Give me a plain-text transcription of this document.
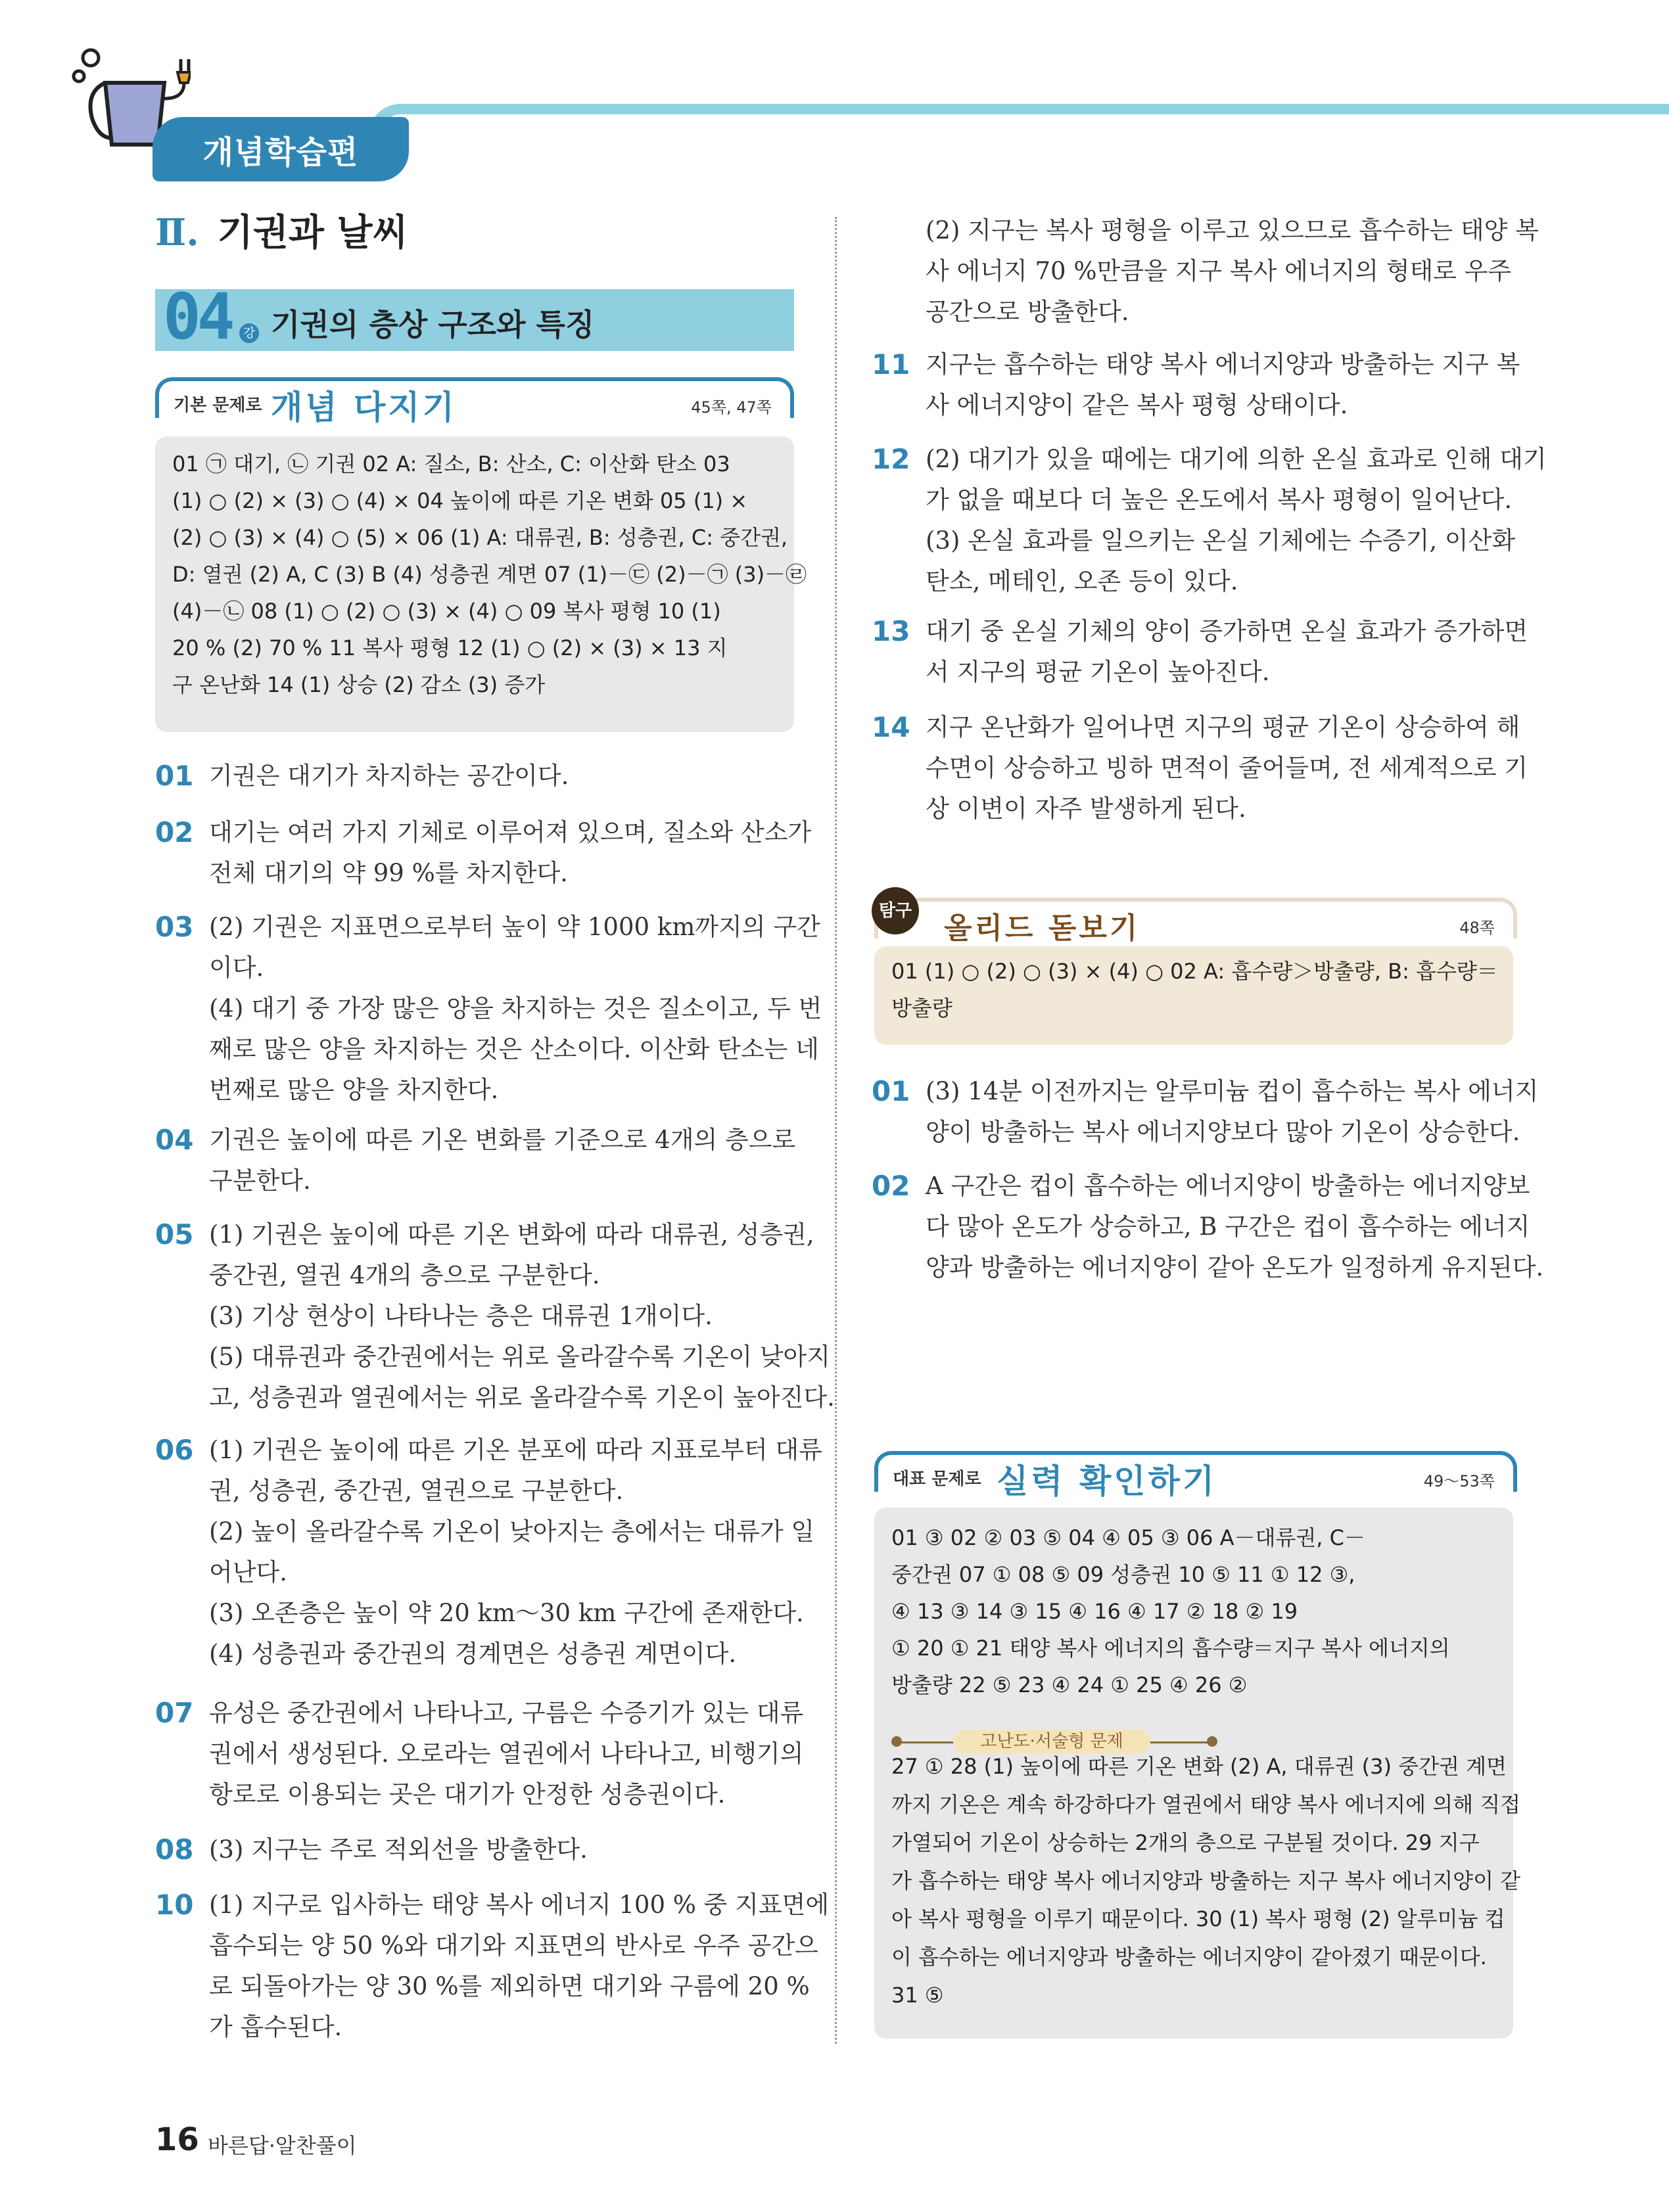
개념학습편
Ⅱ. 기권과 날씨
04 강 기권의 층상 구조와 특징
기본 문제로 개념 다지기	45쪽, 47쪽
01 ㉠ 대기, ㉡ 기권 02 A: 질소, B: 산소, C: 이산화 탄소 03
(1) ○ (2) × (3) ○ (4) × 04 높이에 따른 기온 변화 05 (1) ×
(2) ○ (3) × (4) ○ (5) × 06 (1) A: 대류권, B: 성층권, C: 중간권,
D: 열권 (2) A, C (3) B (4) 성층권 계면 07 (1)－㉢ (2)－㉠ (3)－㉣
(4)－㉡ 08 (1) ○ (2) ○ (3) × (4) ○ 09 복사 평형 10 (1)
20 % (2) 70 % 11 복사 평형 12 (1) ○ (2) × (3) × 13 지
구 온난화 14 (1) 상승 (2) 감소 (3) 증가
01 기권은 대기가 차지하는 공간이다.
02 대기는 여러 가지 기체로 이루어져 있으며, 질소와 산소가
전체 대기의 약 99 %를 차지한다.
03 (2) 기권은 지표면으로부터 높이 약 1000 km까지의 구간
이다.
(4) 대기 중 가장 많은 양을 차지하는 것은 질소이고, 두 번
째로 많은 양을 차지하는 것은 산소이다. 이산화 탄소는 네
번째로 많은 양을 차지한다.
04 기권은 높이에 따른 기온 변화를 기준으로 4개의 층으로
구분한다.
05 (1) 기권은 높이에 따른 기온 변화에 따라 대류권, 성층권,
중간권, 열권 4개의 층으로 구분한다.
(3) 기상 현상이 나타나는 층은 대류권 1개이다.
(5) 대류권과 중간권에서는 위로 올라갈수록 기온이 낮아지
고, 성층권과 열권에서는 위로 올라갈수록 기온이 높아진다.
06 (1) 기권은 높이에 따른 기온 분포에 따라 지표로부터 대류
권, 성층권, 중간권, 열권으로 구분한다.
(2) 높이 올라갈수록 기온이 낮아지는 층에서는 대류가 일
어난다.
(3) 오존층은 높이 약 20 km～30 km 구간에 존재한다.
(4) 성층권과 중간권의 경계면은 성층권 계면이다.
07 유성은 중간권에서 나타나고, 구름은 수증기가 있는 대류
권에서 생성된다. 오로라는 열권에서 나타나고, 비행기의
항로로 이용되는 곳은 대기가 안정한 성층권이다.
08 (3) 지구는 주로 적외선을 방출한다.
10 (1) 지구로 입사하는 태양 복사 에너지 100 % 중 지표면에
흡수되는 양 50 %와 대기와 지표면의 반사로 우주 공간으
로 되돌아가는 양 30 %를 제외하면 대기와 구름에 20 %
가 흡수된다.
(2) 지구는 복사 평형을 이루고 있으므로 흡수하는 태양 복
사 에너지 70 %만큼을 지구 복사 에너지의 형태로 우주
공간으로 방출한다.
11 지구는 흡수하는 태양 복사 에너지양과 방출하는 지구 복
사 에너지양이 같은 복사 평형 상태이다.
12 (2) 대기가 있을 때에는 대기에 의한 온실 효과로 인해 대기
가 없을 때보다 더 높은 온도에서 복사 평형이 일어난다.
(3) 온실 효과를 일으키는 온실 기체에는 수증기, 이산화
탄소, 메테인, 오존 등이 있다.
13 대기 중 온실 기체의 양이 증가하면 온실 효과가 증가하면
서 지구의 평균 기온이 높아진다.
14 지구 온난화가 일어나면 지구의 평균 기온이 상승하여 해
수면이 상승하고 빙하 면적이 줄어들며, 전 세계적으로 기
상 이변이 자주 발생하게 된다.
01 (3) 14분 이전까지는 알루미늄 컵이 흡수하는 복사 에너지
양이 방출하는 복사 에너지양보다 많아 기온이 상승한다.
02 A 구간은 컵이 흡수하는 에너지양이 방출하는 에너지양보
다 많아 온도가 상승하고, B 구간은 컵이 흡수하는 에너지
양과 방출하는 에너지양이 같아 온도가 일정하게 유지된다.
올리드 돋보기	48쪽
탐구
01 (1) ○ (2) ○ (3) × (4) ○ 02 A: 흡수량＞방출량, B: 흡수량＝
방출량
대표 문제로 실력 확인하기	49～53쪽
01 ③ 02 ② 03 ⑤ 04 ④ 05 ③ 06 A－대류권, C－
중간권 07 ① 08 ⑤ 09 성층권 10 ⑤ 11 ① 12 ③,
④ 13 ③ 14 ③ 15 ④ 16 ④ 17 ② 18 ② 19
① 20 ① 21 태양 복사 에너지의 흡수량＝지구 복사 에너지의
방출량 22 ⑤ 23 ④ 24 ① 25 ④ 26 ②
27 ① 28 (1) 높이에 따른 기온 변화 (2) A, 대류권 (3) 중간권 계면
까지 기온은 계속 하강하다가 열권에서 태양 복사 에너지에 의해 직접
가열되어 기온이 상승하는 2개의 층으로 구분될 것이다. 29 지구
가 흡수하는 태양 복사 에너지양과 방출하는 지구 복사 에너지양이 같
아 복사 평형을 이루기 때문이다. 30 (1) 복사 평형 (2) 알루미늄 컵
이 흡수하는 에너지양과 방출하는 에너지양이 같아졌기 때문이다.
31 ⑤
고난도·서술형 문제
16 바른답·알찬풀이
